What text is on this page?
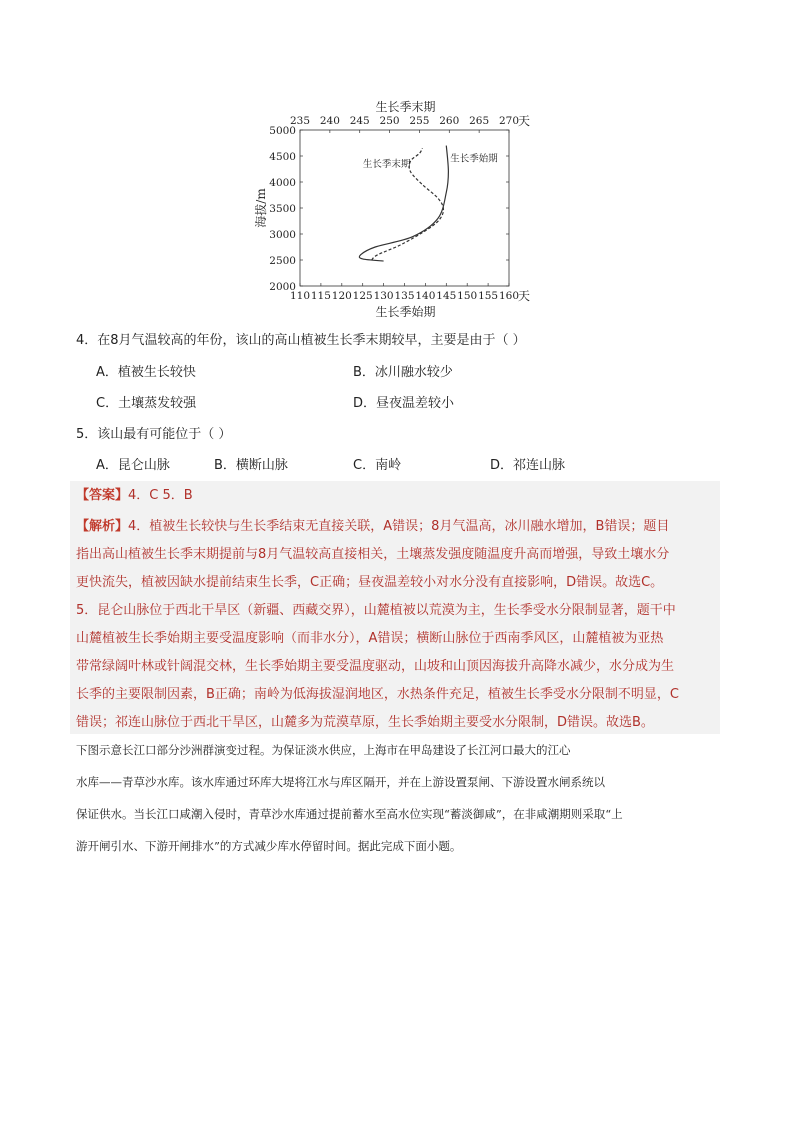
235 240 245 250 255 260 265 270
天
生长季末期
110 115 120 125 130 135 140 145 150 155 160
天
生长季始期
2000
2500
3000
3500
4000
4500
5000
海拔/m
生长季末期
生长季始期
4．在8月气温较高的年份，该山的高山植被生长季末期较早，主要是由于（ ）
A．植被生长较快	B．冰川融水较少
C．土壤蒸发较强	D．昼夜温差较小
5．该山最有可能位于（ ）
A．昆仑山脉	B．横断山脉	C．南岭	D．祁连山脉
【答案】4．C 5．B
【解析】4．植被生长较快与生长季结束无直接关联，A错误；8月气温高，冰川融水增加，B错误；题目
指出高山植被生长季末期提前与8月气温较高直接相关，土壤蒸发强度随温度升高而增强，导致土壤水分
更快流失，植被因缺水提前结束生长季，C正确；昼夜温差较小对水分没有直接影响，D错误。故选C。
5．昆仑山脉位于西北干旱区（新疆、西藏交界），山麓植被以荒漠为主，生长季受水分限制显著，题干中
山麓植被生长季始期主要受温度影响（而非水分），A错误；横断山脉位于西南季风区，山麓植被为亚热
带常绿阔叶林或针阔混交林，生长季始期主要受温度驱动，山坡和山顶因海拔升高降水减少，水分成为生
长季的主要限制因素，B正确；南岭为低海拔湿润地区，水热条件充足，植被生长季受水分限制不明显，C
错误；祁连山脉位于西北干旱区，山麓多为荒漠草原，生长季始期主要受水分限制，D错误。故选B。
下图示意长江口部分沙洲群演变过程。为保证淡水供应，上海市在甲岛建设了长江河口最大的江心
水库——青草沙水库。该水库通过环库大堤将江水与库区隔开，并在上游设置泵闸、下游设置水闸系统以
保证供水。当长江口咸潮入侵时，青草沙水库通过提前蓄水至高水位实现“蓄淡御咸”，在非咸潮期则采取“上
游开闸引水、下游开闸排水”的方式减少库水停留时间。据此完成下面小题。
